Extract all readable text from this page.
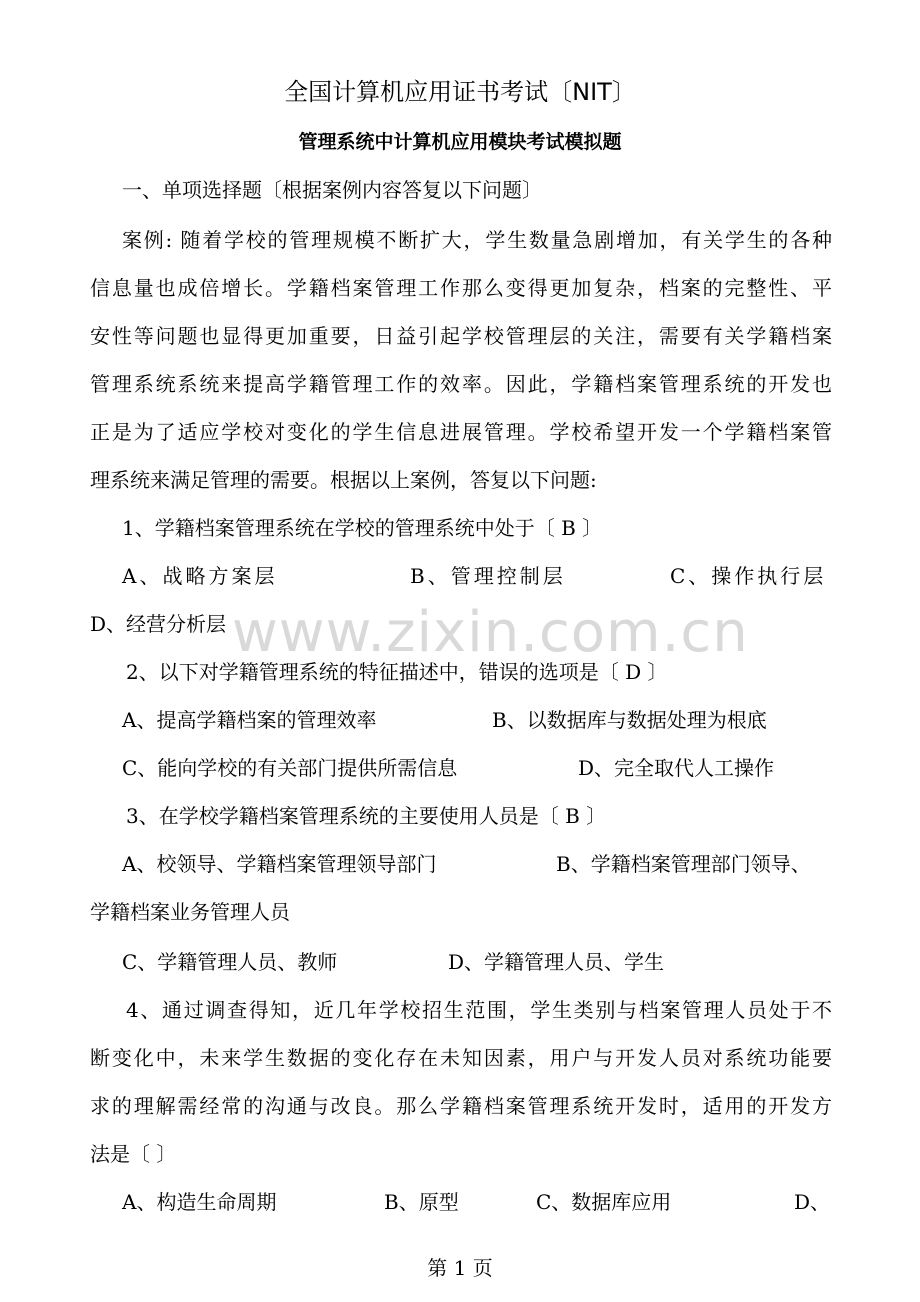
全国计算机应用证书考试〔NIT〕
管理系统中计算机应用模块考试模拟题
一、单项选择题〔根据案例内容答复以下问题〕
案例: 随着学校的管理规模不断扩大，学生数量急剧增加，有关学生的各种
信息量也成倍增长。学籍档案管理工作那么变得更加复杂，档案的完整性、平
安性等问题也显得更加重要，日益引起学校管理层的关注，需要有关学籍档案
管理系统系统来提高学籍管理工作的效率。因此，学籍档案管理系统的开发也
正是为了适应学校对变化的学生信息进展管理。学校希望开发一个学籍档案管
理系统来满足管理的需要。根据以上案例，答复以下问题:
1、学籍档案管理系统在学校的管理系统中处于〔 B 〕
A、战略方案层	B、管理控制层	C、操作执行层
D、经营分析层 www.zixin.com.cn
2、以下对学籍管理系统的特征描述中，错误的选项是〔 D 〕
A、提高学籍档案的管理效率	B、以数据库与数据处理为根底
C、能向学校的有关部门提供所需信息	D、完全取代人工操作
3、在学校学籍档案管理系统的主要使用人员是〔 B 〕
A、校领导、学籍档案管理领导部门	B、学籍档案管理部门领导、
学籍档案业务管理人员
C、学籍管理人员、教师	D、学籍管理人员、学生
4、通过调查得知，近几年学校招生范围，学生类别与档案管理人员处于不
断变化中，未来学生数据的变化存在未知因素，用户与开发人员对系统功能要
求的理解需经常的沟通与改良。那么学籍档案管理系统开发时，适用的开发方
法是〔 〕
A、构造生命周期	B、原型	C、数据库应用	D、
第 1 页
